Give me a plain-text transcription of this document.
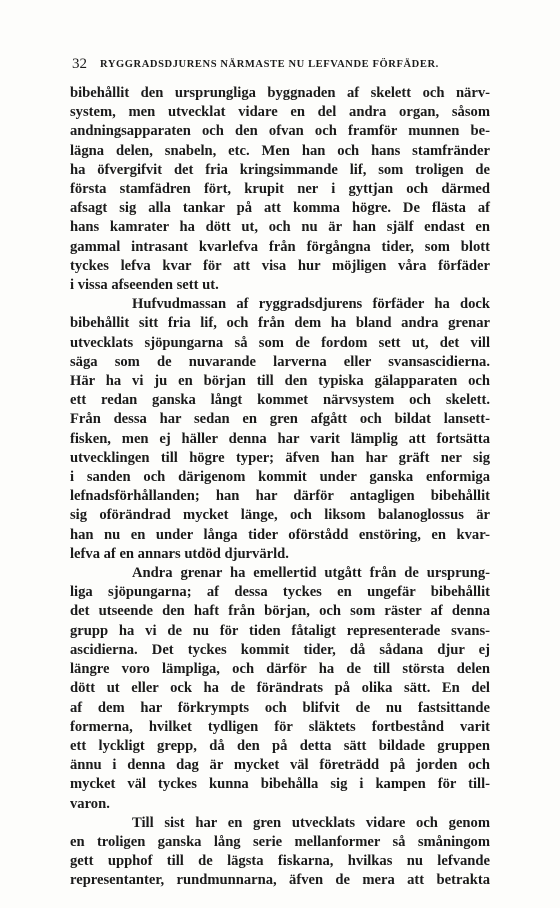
32 RYGGRADSDJURENS NÄRMASTE NU LEFVANDE FÖRFÄDER.
bibehållit den ursprungliga byggnaden af skelett och närv-
system, men utvecklat vidare en del andra organ, såsom
andningsapparaten och den ofvan och framför munnen be-
lägna delen, snabeln, etc. Men han och hans stamfränder
ha öfvergifvit det fria kringsimmande lif, som troligen de
första stamfädren fört, krupit ner i gyttjan och därmed
afsagt sig alla tankar på att komma högre. De flästa af
hans kamrater ha dött ut, och nu är han själf endast en
gammal intrasant kvarlefva från förgångna tider, som blott
tyckes lefva kvar för att visa hur möjligen våra förfäder
i vissa afseenden sett ut.
Hufvudmassan af ryggradsdjurens förfäder ha dock
bibehållit sitt fria lif, och från dem ha bland andra grenar
utvecklats sjöpungarna så som de fordom sett ut, det vill
säga som de nuvarande larverna eller svansascidierna.
Här ha vi ju en början till den typiska gälapparaten och
ett redan ganska långt kommet närvsystem och skelett.
Från dessa har sedan en gren afgått och bildat lansett-
fisken, men ej häller denna har varit lämplig att fortsätta
utvecklingen till högre typer; äfven han har gräft ner sig
i sanden och därigenom kommit under ganska enformiga
lefnadsförhållanden; han har därför antagligen bibehållit
sig oförändrad mycket länge, och liksom balanoglossus är
han nu en under långa tider oförstådd enstöring, en kvar-
lefva af en annars utdöd djurvärld.
Andra grenar ha emellertid utgått från de ursprung-
liga sjöpungarna; af dessa tyckes en ungefär bibehållit
det utseende den haft från början, och som räster af denna
grupp ha vi de nu för tiden fåtaligt representerade svans-
ascidierna. Det tyckes kommit tider, då sådana djur ej
längre voro lämpliga, och därför ha de till största delen
dött ut eller ock ha de förändrats på olika sätt. En del
af dem har förkrympts och blifvit de nu fastsittande
formerna, hvilket tydligen för släktets fortbestånd varit
ett lyckligt grepp, då den på detta sätt bildade gruppen
ännu i denna dag är mycket väl företrädd på jorden och
mycket väl tyckes kunna bibehålla sig i kampen för till-
varon.
Till sist har en gren utvecklats vidare och genom
en troligen ganska lång serie mellanformer så småningom
gett upphof till de lägsta fiskarna, hvilkas nu lefvande
representanter, rundmunnarna, äfven de mera att betrakta
